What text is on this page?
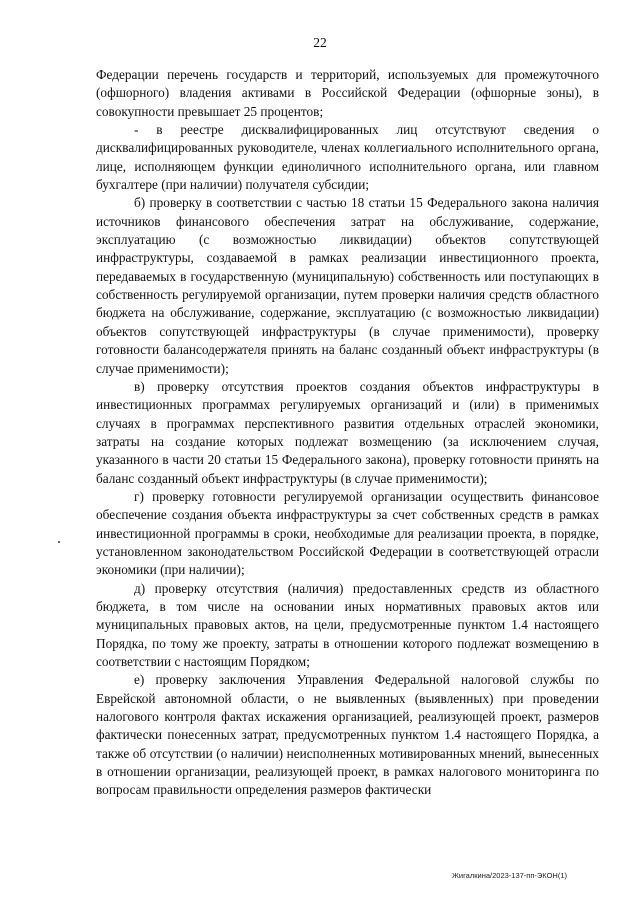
22

Федерации перечень государств и территорий, используемых для промежуточного (офшорного) владения активами в Российской Федерации (офшорные зоны), в совокупности превышает 25 процентов;

- в реестре дисквалифицированных лиц отсутствуют сведения о дисквалифицированных руководителе, членах коллегиального исполнительного органа, лице, исполняющем функции единоличного исполнительного органа, или главном бухгалтере (при наличии) получателя субсидии;

б) проверку в соответствии с частью 18 статьи 15 Федерального закона наличия источников финансового обеспечения затрат на обслуживание, содержание, эксплуатацию (с возможностью ликвидации) объектов сопутствующей инфраструктуры, создаваемой в рамках реализации инвестиционного проекта, передаваемых в государственную (муниципальную) собственность или поступающих в собственность регулируемой организации, путем проверки наличия средств областного бюджета на обслуживание, содержание, эксплуатацию (с возможностью ликвидации) объектов сопутствующей инфраструктуры (в случае применимости), проверку готовности балансодержателя принять на баланс созданный объект инфраструктуры (в случае применимости);

в) проверку отсутствия проектов создания объектов инфраструктуры в инвестиционных программах регулируемых организаций и (или) в применимых случаях в программах перспективного развития отдельных отраслей экономики, затраты на создание которых подлежат возмещению (за исключением случая, указанного в части 20 статьи 15 Федерального закона), проверку готовности принять на баланс созданный объект инфраструктуры (в случае применимости);

г) проверку готовности регулируемой организации осуществить финансовое обеспечение создания объекта инфраструктуры за счет собственных средств в рамках инвестиционной программы в сроки, необходимые для реализации проекта, в порядке, установленном законодательством Российской Федерации в соответствующей отрасли экономики (при наличии);

д) проверку отсутствия (наличия) предоставленных средств из областного бюджета, в том числе на основании иных нормативных правовых актов или муниципальных правовых актов, на цели, предусмотренные пунктом 1.4 настоящего Порядка, по тому же проекту, затраты в отношении которого подлежат возмещению в соответствии с настоящим Порядком;

е) проверку заключения Управления Федеральной налоговой службы по Еврейской автономной области, о не выявленных (выявленных) при проведении налогового контроля фактах искажения организацией, реализующей проект, размеров фактически понесенных затрат, предусмотренных пунктом 1.4 настоящего Порядка, а также об отсутствии (о наличии) неисполненных мотивированных мнений, вынесенных в отношении организации, реализующей проект, в рамках налогового мониторинга по вопросам правильности определения размеров фактически

Жигалкина/2023-137-пп-ЭКОН(1)
